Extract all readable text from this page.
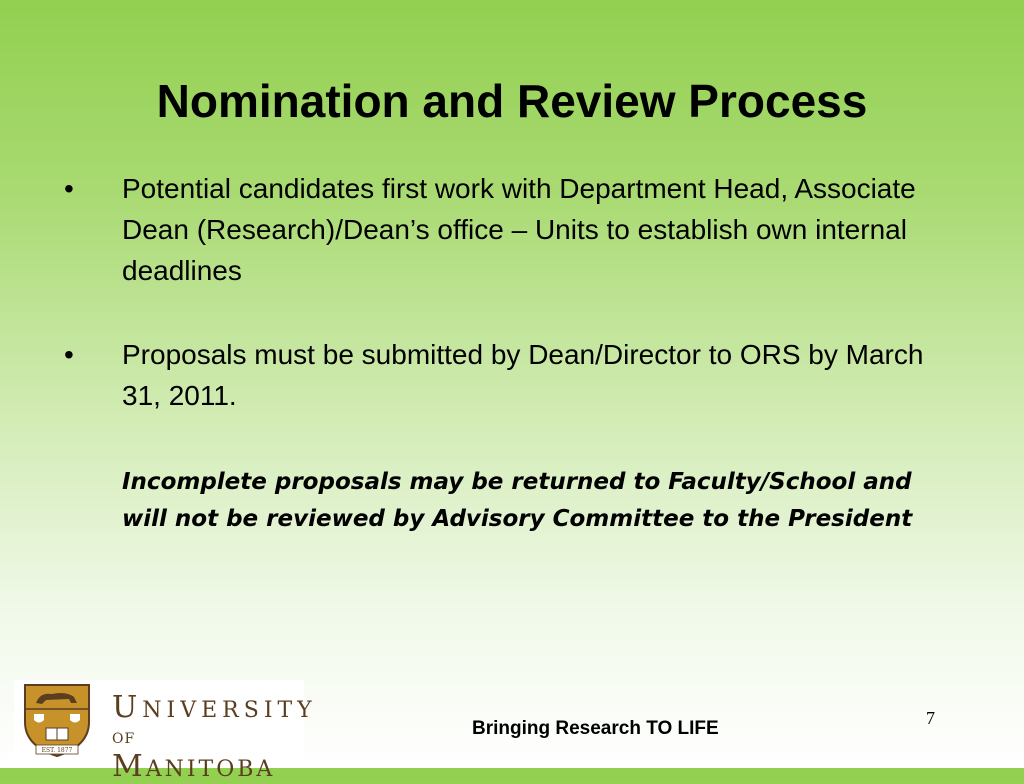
Nomination and Review Process
• Potential candidates first work with Department Head, Associate Dean (Research)/Dean’s office – Units to establish own internal deadlines
• Proposals must be submitted by Dean/Director to ORS by March 31, 2011.
Incomplete proposals may be returned to Faculty/School and will not be reviewed by Advisory Committee to the President
EST. 1877
UNIVERSITY
OF MANITOBA
Bringing Research TO LIFE	7
